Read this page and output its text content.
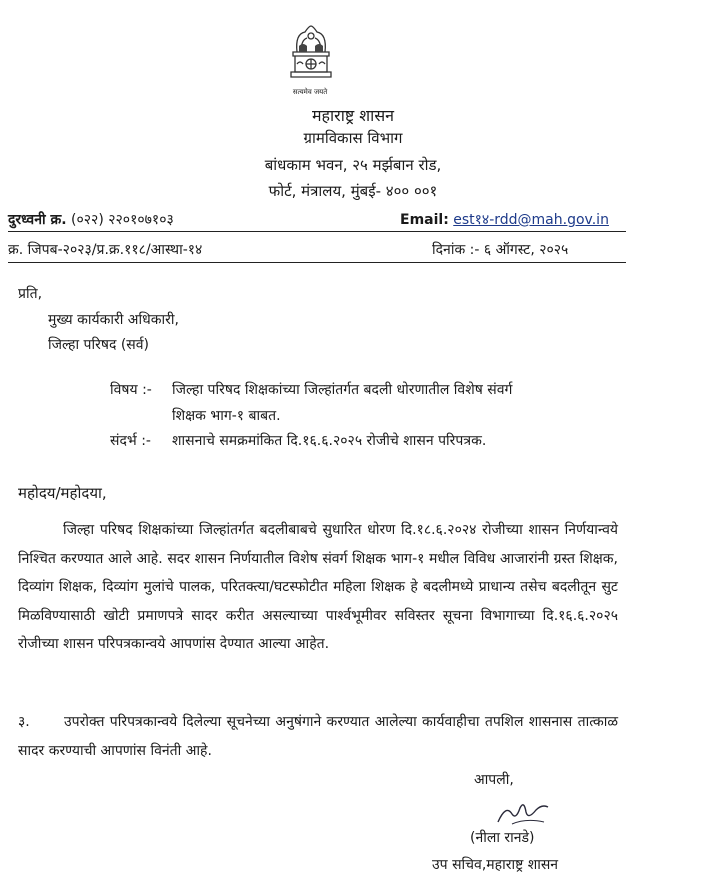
सत्यमेव जयते
महाराष्ट्र शासन
ग्रामविकास विभाग
बांधकाम भवन, २५ मर्झबान रोड,
फोर्ट, मंत्रालय, मुंबई- ४०० ००१
दुरध्वनी क्र. (०२२) २२०१०७१०३	Email: est१४-rdd@mah.gov.in
क्र. जिपब-२०२३/प्र.क्र.११८/आस्था-१४	दिनांक :- ६ ऑगस्ट, २०२५
प्रति,
मुख्य कार्यकारी अधिकारी,
जिल्हा परिषद (सर्व)
विषय :- जिल्हा परिषद शिक्षकांच्या जिल्हांतर्गत बदली धोरणातील विशेष संवर्ग
शिक्षक भाग-१ बाबत.
संदर्भ :- शासनाचे समक्रमांकित दि.१६.६.२०२५ रोजीचे शासन परिपत्रक.
महोदय/महोदया,

जिल्हा परिषद शिक्षकांच्या जिल्हांतर्गत बदलीबाबचे सुधारित धोरण दि.१८.६.२०२४ रोजीच्या शासन निर्णयान्वये निश्चित करण्यात आले आहे. सदर शासन निर्णयातील विशेष संवर्ग शिक्षक भाग-१ मधील विविध आजारांनी ग्रस्त शिक्षक, दिव्यांग शिक्षक, दिव्यांग मुलांचे पालक, परितक्त्या/घटस्फोटीत महिला शिक्षक हे बदलीमध्ये प्राधान्य तसेच बदलीतून सुट मिळविण्यासाठी खोटी प्रमाणपत्रे सादर करीत असल्याच्या पार्श्वभूमीवर सविस्तर सूचना विभागाच्या दि.१६.६.२०२५ रोजीच्या शासन परिपत्रकान्वये आपणांस देण्यात आल्या आहेत.

३. उपरोक्त परिपत्रकान्वये दिलेल्या सूचनेच्या अनुषंगाने करण्यात आलेल्या कार्यवाहीचा तपशिल शासनास तात्काळ सादर करण्याची आपणांस विनंती आहे.

आपली,
(नीला रानडे)
उप सचिव,महाराष्ट्र शासन
